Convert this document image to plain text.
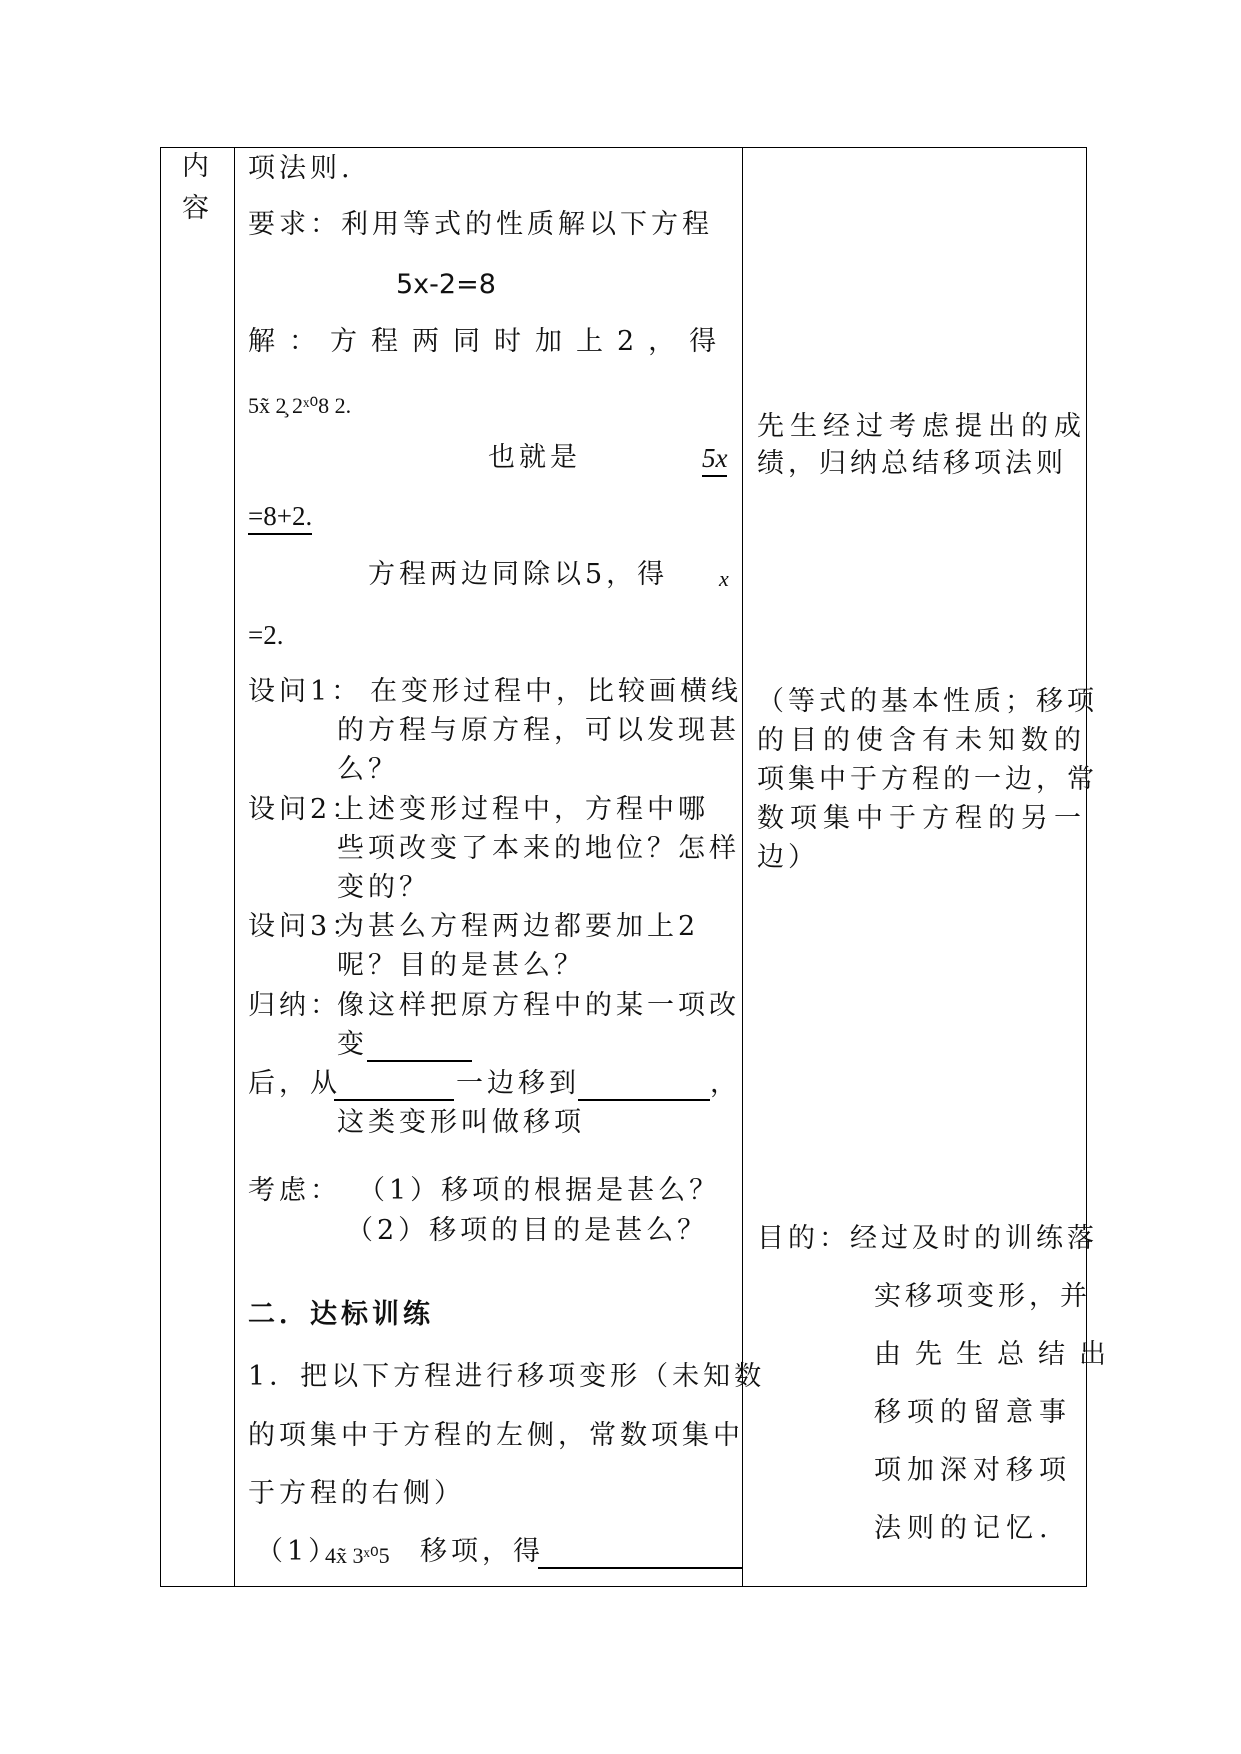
内
容
项法则.
要求：利用等式的性质解以下方程
5x-2=8
解：方程两同时加上2，得
5x̃ 2̧ 2ˣ⁰8 2.
也就是	5x
=8+2.
方程两边同除以5，得 x
=2.
设问1： 在变形过程中，比较画横线
的方程与原方程，可以发现甚
么？
设问2：
上述变形过程中，方程中哪
些项改变了本来的地位？怎样
变的？
设问3：
为甚么方程两边都要加上2
呢？目的是甚么？
归纳：
像这样把原方程中的某一项改
变
后，从	一边移到	，
这类变形叫做移项
考虑： （1）移项的根据是甚么？
（2）移项的目的是甚么？
二．达标训练
1．把以下方程进行移项变形（未知数
的项集中于方程的左侧，常数项集中
于方程的右侧）
（1）
4x̃ 3ˣ⁰5 移项，得
先生经过考虑提出的成
绩，归纳总结移项法则
（等式的基本性质；移项
的目的使含有未知数的
项集中于方程的一边，常
数项集中于方程的另一
边）
目的：经过及时的训练落
实移项变形，并
由先生总结出
移项的留意事
项加深对移项
法则的记忆.
